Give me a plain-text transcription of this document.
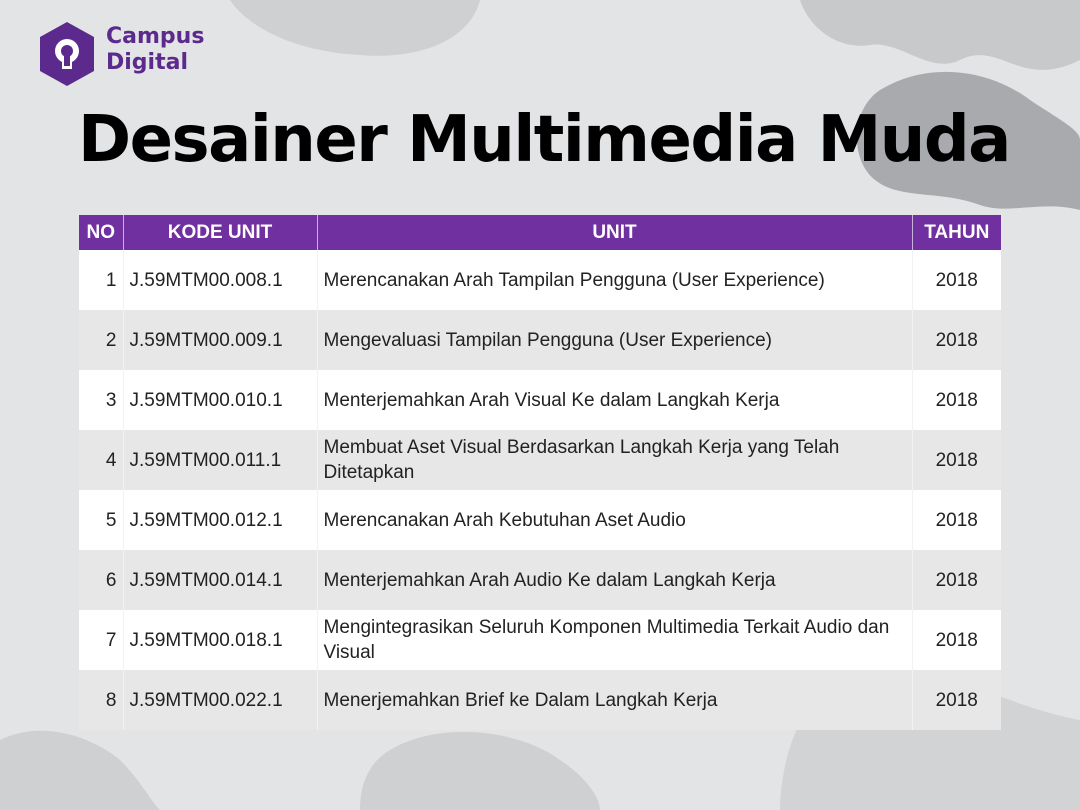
Campus
Digital
Desainer Multimedia Muda
NO	KODE UNIT	UNIT	TAHUN
1	J.59MTM00.008.1	Merencanakan Arah Tampilan Pengguna (User Experience)	2018
2	J.59MTM00.009.1	Mengevaluasi Tampilan Pengguna (User Experience)	2018
3	J.59MTM00.010.1	Menterjemahkan Arah Visual Ke dalam Langkah Kerja	2018
4	J.59MTM00.011.1	Membuat Aset Visual Berdasarkan Langkah Kerja yang Telah Ditetapkan	2018
5	J.59MTM00.012.1	Merencanakan Arah Kebutuhan Aset Audio	2018
6	J.59MTM00.014.1	Menterjemahkan Arah Audio Ke dalam Langkah Kerja	2018
7	J.59MTM00.018.1	Mengintegrasikan Seluruh Komponen Multimedia Terkait Audio dan Visual	2018
8	J.59MTM00.022.1	Menerjemahkan Brief ke Dalam Langkah Kerja	2018
